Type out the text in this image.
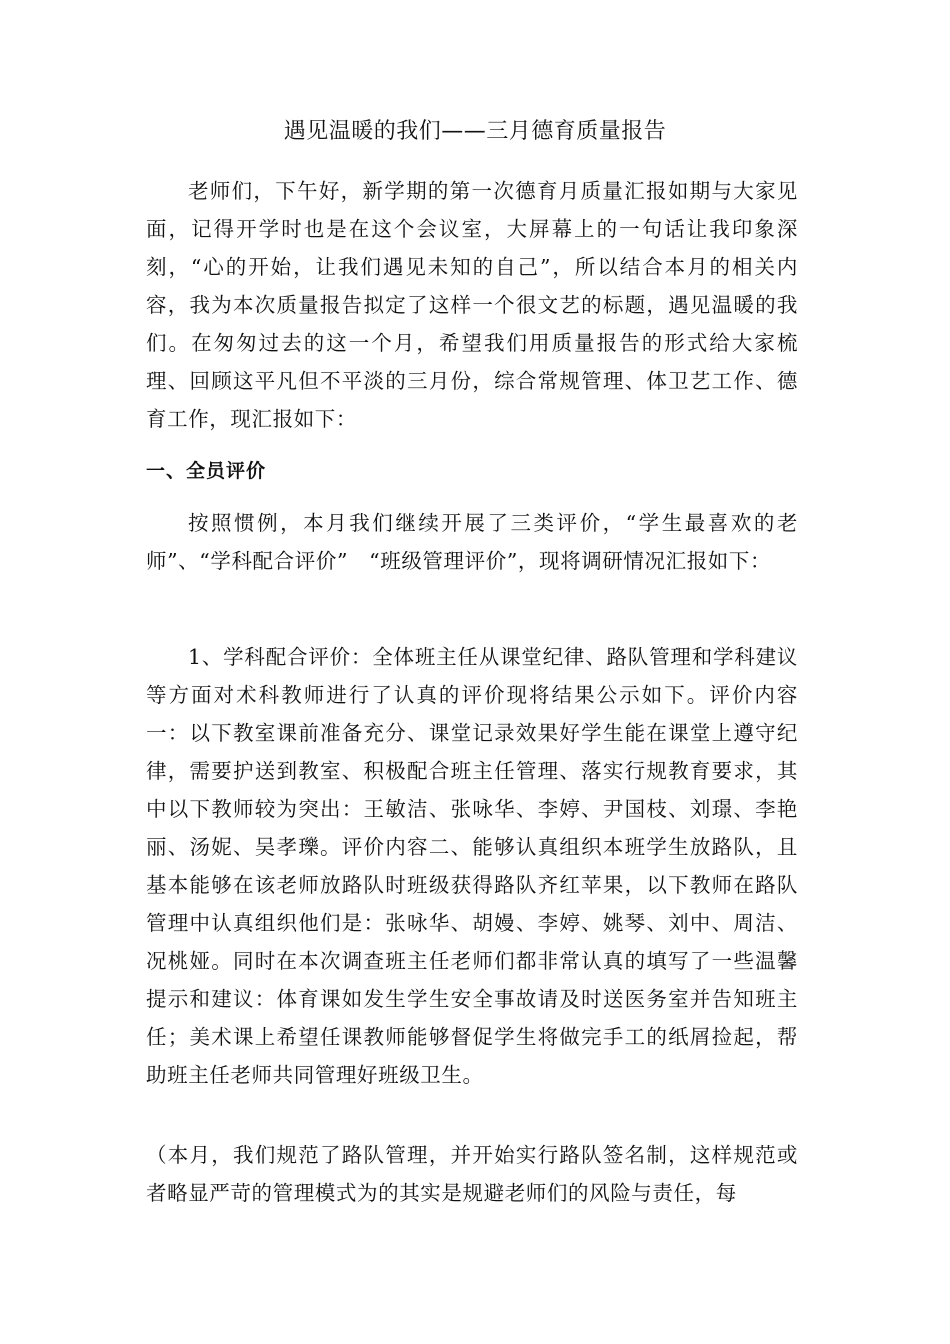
遇见温暖的我们——三月德育质量报告
老师们，下午好，新学期的第一次德育月质量汇报如期与大家见面，记得开学时也是在这个会议室，大屏幕上的一句话让我印象深刻，“心的开始，让我们遇见未知的自己”，所以结合本月的相关内容，我为本次质量报告拟定了这样一个很文艺的标题，遇见温暖的我们。在匆匆过去的这一个月，希望我们用质量报告的形式给大家梳理、回顾这平凡但不平淡的三月份，综合常规管理、体卫艺工作、德育工作，现汇报如下：
一、全员评价
按照惯例，本月我们继续开展了三类评价，“学生最喜欢的老师”、“学科配合评价”　“班级管理评价”，现将调研情况汇报如下：
1、学科配合评价：全体班主任从课堂纪律、路队管理和学科建议等方面对术科教师进行了认真的评价现将结果公示如下。评价内容一：以下教室课前准备充分、课堂记录效果好学生能在课堂上遵守纪律，需要护送到教室、积极配合班主任管理、落实行规教育要求，其中以下教师较为突出：王敏洁、张咏华、李婷、尹国枝、刘璟、李艳丽、汤妮、吴孝瓅。评价内容二、能够认真组织本班学生放路队，且基本能够在该老师放路队时班级获得路队齐红苹果，以下教师在路队管理中认真组织他们是：张咏华、胡嫚、李婷、姚琴、刘中、周洁、况桃娅。同时在本次调查班主任老师们都非常认真的填写了一些温馨提示和建议：体育课如发生学生安全事故请及时送医务室并告知班主任；美术课上希望任课教师能够督促学生将做完手工的纸屑捡起，帮助班主任老师共同管理好班级卫生。
（本月，我们规范了路队管理，并开始实行路队签名制，这样规范或者略显严苛的管理模式为的其实是规避老师们的风险与责任，每
